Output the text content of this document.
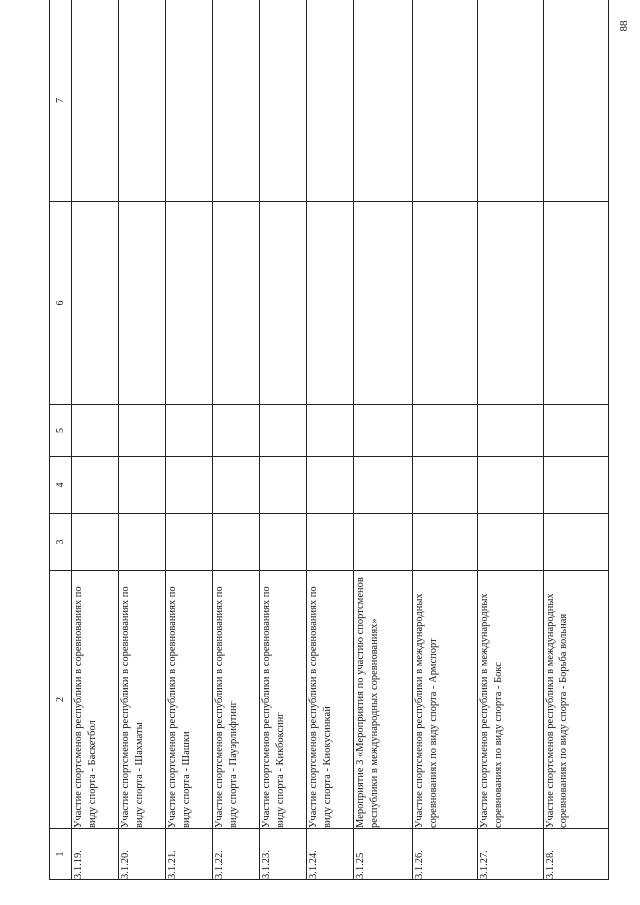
88
1	2	3	4	5	6	7
3.1.19.	Участие спортсменов республики в соревнованиях по виду спорта - Баскетбол					
3.1.20.	Участие спортсменов республики в соревнованиях по виду спорта - Шахматы					
3.1.21.	Участие спортсменов республики в соревнованиях по виду спорта - Шашки					
3.1.22.	Участие спортсменов республики в соревнованиях по виду спорта - Пауэрлифтинг					
3.1.23.	Участие спортсменов республики в соревнованиях по виду спорта - Кикбоксинг					
3.1.24.	Участие спортсменов республики в соревнованиях по виду спорта - Киокусинкай					
3.1.25	Мероприятие 3 «Мероприятия по участию спортсменов республики в международных соревнованиях»					
3.1.26.	Участие спортсменов республики в международных соревнованиях по виду спорта - Армспорт					
3.1.27.	Участие спортсменов республики в международных соревнованиях по виду спорта - Бокс					
3.1.28.	Участие спортсменов республики в международных соревнованиях по виду спорта - Борьба вольная					
